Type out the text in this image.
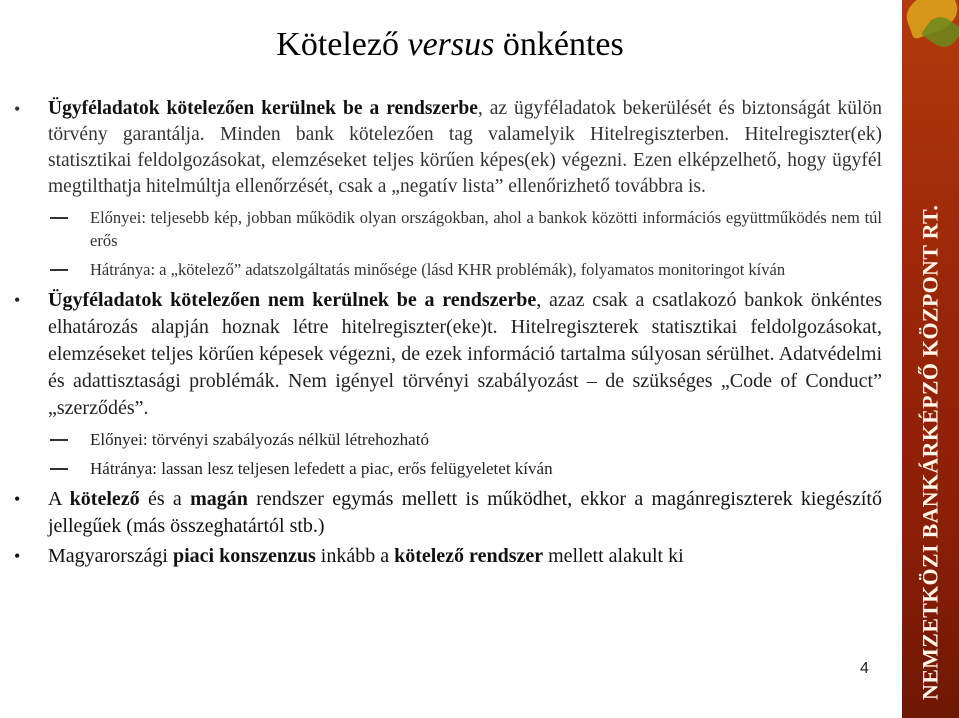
Kötelező versus önkéntes
• Ügyféladatok kötelezően kerülnek be a rendszerbe, az ügyféladatok bekerülését és biztonságát külön törvény garantálja. Minden bank kötelezően tag valamelyik Hitelregiszterben. Hitelregiszter(ek) statisztikai feldolgozásokat, elemzéseket teljes körűen képes(ek) végezni. Ezen elképzelhető, hogy ügyfél megtilthatja hitelmúltja ellenőrzését, csak a „negatív lista” ellenőrizhető továbbra is.
Előnyei: teljesebb kép, jobban működik olyan országokban, ahol a bankok közötti információs együttműködés nem túl erős
Hátránya: a „kötelező” adatszolgáltatás minősége (lásd KHR problémák), folyamatos monitoringot kíván
• Ügyféladatok kötelezően nem kerülnek be a rendszerbe, azaz csak a csatlakozó bankok önkéntes elhatározás alapján hoznak létre hitelregiszter(eke)t. Hitelregiszterek statisztikai feldolgozásokat, elemzéseket teljes körűen képesek végezni, de ezek információ tartalma súlyosan sérülhet. Adatvédelmi és adattisztasági problémák. Nem igényel törvényi szabályozást – de szükséges „Code of Conduct” „szerződés”.
Előnyei: törvényi szabályozás nélkül létrehozható
Hátránya: lassan lesz teljesen lefedett a piac, erős felügyeletet kíván
• A kötelező és a magán rendszer egymás mellett is működhet, ekkor a magánregiszterek kiegészítő jellegűek (más összeghatártól stb.)
• Magyarországi piaci konszenzus inkább a kötelező rendszer mellett alakult ki
4	NEMZETKÖZI BANKÁRKÉPZŐ KÖZPONT RT.
